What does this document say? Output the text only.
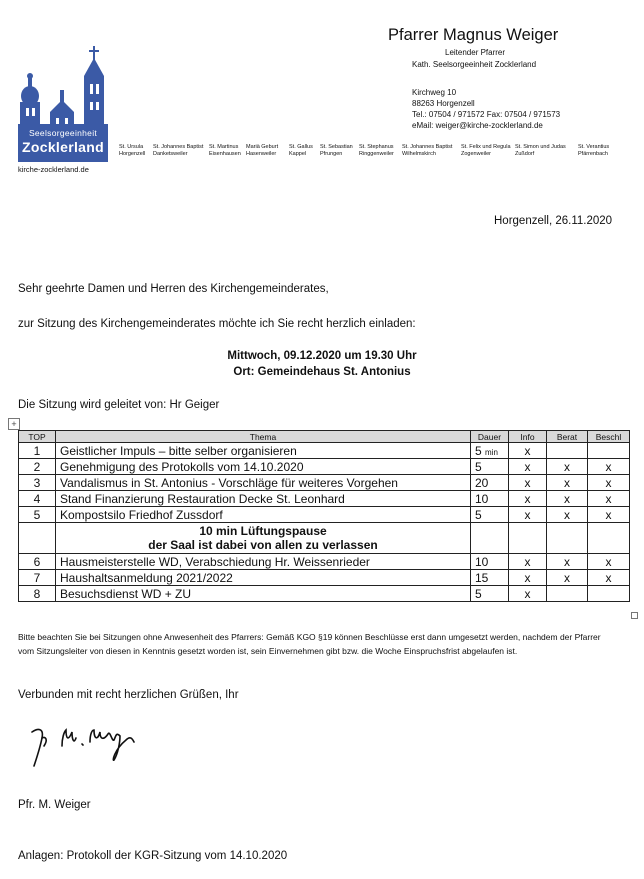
Seelsorgeeinheit
Zocklerland
kirche-zocklerland.de
Pfarrer Magnus Weiger
Leitender Pfarrer
Kath. Seelsorgeeinheit Zocklerland
Kirchweg 10
88263 Horgenzell
Tel.: 07504 / 971572 Fax: 07504 / 971573
eMail: weiger@kirche-zocklerland.de
St. Ursula
Horgenzell
St. Johannes Baptist
Danketsweiler
St. Martinus
Eisenhausen
Mariä Geburt
Hasenweiler
St. Gallus
Kappel
St. Sebastian
Pfrungen
St. Stephanus
Ringgenweiler
St. Johannes Baptist
Wilhelmskirch
St. Felix und Regula
Zogenweiler
St. Simon und Judas
Zußdorf
St. Verantius
Pfärrenbach
Horgenzell, 26.11.2020
Sehr geehrte Damen und Herren des Kirchengemeinderates,
zur Sitzung des Kirchengemeinderates möchte ich Sie recht herzlich einladen:
Mittwoch, 09.12.2020 um 19.30 Uhr
Ort: Gemeindehaus St. Antonius
Die Sitzung wird geleitet von: Hr Geiger
+
TOP	Thema	Dauer	Info	Berat	Beschl
1	Geistlicher Impuls – bitte selber organisieren	5 min	x		
2	Genehmigung des Protokolls vom 14.10.2020	5	x	x	x
3	Vandalismus in St. Antonius - Vorschläge für weiteres Vorgehen	20	x	x	x
4	Stand Finanzierung Restauration Decke St. Leonhard	10	x	x	x
5	Kompostsilo Friedhof Zussdorf	5	x	x	x

	10 min Lüftungspause
der Saal ist dabei von allen zu verlassen				

6	Hausmeisterstelle WD, Verabschiedung Hr. Weissenrieder	10	x	x	x
7	Haushaltsanmeldung 2021/2022	15	x	x	x
8	Besuchsdienst WD + ZU	5	x		
Bitte beachten Sie bei Sitzungen ohne Anwesenheit des Pfarrers: Gemäß KGO §19 können Beschlüsse erst dann umgesetzt werden, nachdem der Pfarrer vom Sitzungsleiter von diesen in Kenntnis gesetzt worden ist, sein Einvernehmen gibt bzw. die Woche Einspruchsfrist abgelaufen ist.
Verbunden mit recht herzlichen Grüßen, Ihr
Pfr. M. Weiger
Anlagen: Protokoll der KGR-Sitzung vom 14.10.2020
